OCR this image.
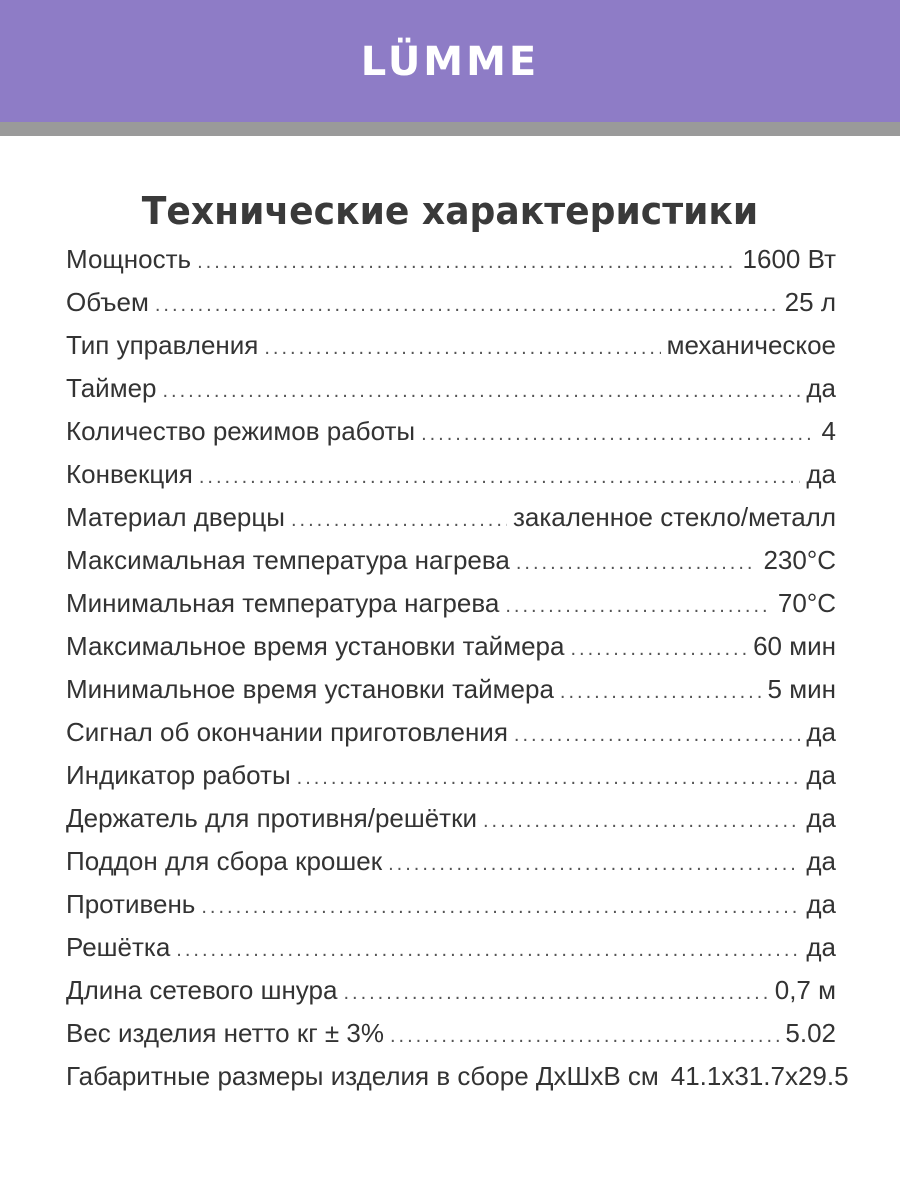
LÜMME
Технические характеристики
Мощность .....	1600 Вт
Объем .....	25 л
Тип управления .....	механическое
Таймер .....	да
Количество режимов работы .....	4
Конвекция .....	да
Материал дверцы .....	закаленное стекло/металл
Максимальная температура нагрева .....	230°С
Минимальная температура нагрева .....	70°С
Максимальное время установки таймера .....	60 мин
Минимальное время установки таймера .....	5 мин
Сигнал об окончании приготовления .....	да
Индикатор работы .....	да
Держатель для противня/решётки .....	да
Поддон для сбора крошек .....	да
Противень .....	да
Решётка .....	да
Длина сетевого шнура .....	0,7 м
Вес изделия нетто кг ± 3% .....	5.02
Габаритные размеры изделия в сборе ДхШхВ см 41.1x31.7x29.5
